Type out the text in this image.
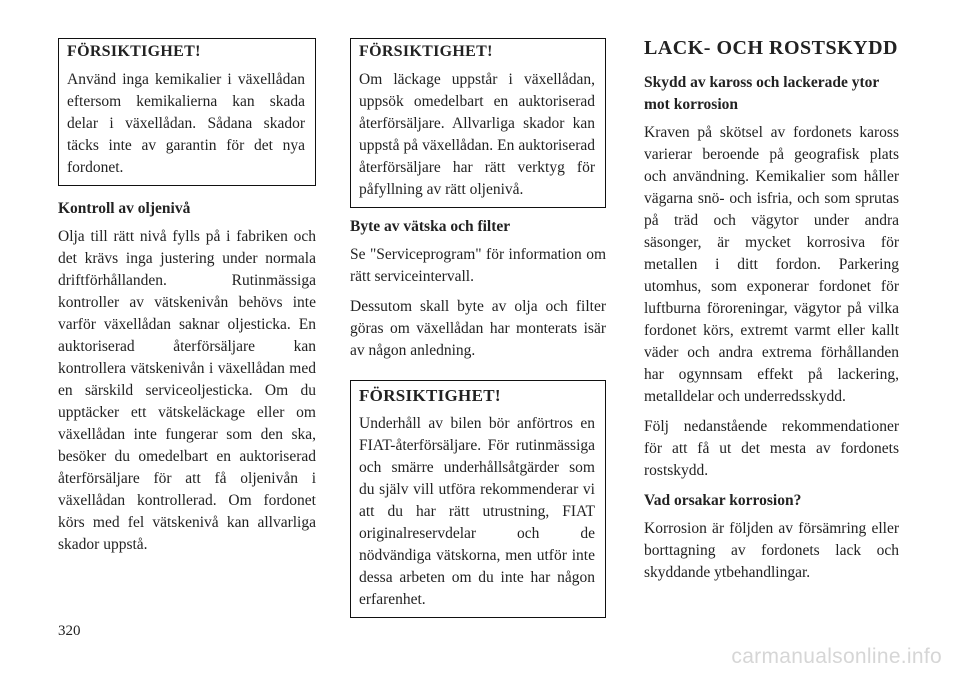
FÖRSIKTIGHET!

Använd inga kemikalier i växellådan eftersom kemikalierna kan skada delar i växellådan. Sådana skador täcks inte av garantin för det nya fordonet.

Kontroll av oljenivå

Olja till rätt nivå fylls på i fabriken och det krävs inga justering under normala driftförhållanden. Rutinmässiga kontroller av vätskenivån behövs inte varför växellådan saknar oljesticka. En auktoriserad återförsäljare kan kontrollera vätskenivån i växellådan med en särskild serviceoljesticka. Om du upptäcker ett vätskeläckage eller om växellådan inte fungerar som den ska, besöker du omedelbart en auktoriserad återförsäljare för att få oljenivån i växellådan kontrollerad. Om fordonet körs med fel vätskenivå kan allvarliga skador uppstå.

FÖRSIKTIGHET!

Om läckage uppstår i växellådan, uppsök omedelbart en auktoriserad återförsäljare. Allvarliga skador kan uppstå på växellådan. En auktoriserad återförsäljare har rätt verktyg för påfyllning av rätt oljenivå.

Byte av vätska och filter

Se "Serviceprogram" för information om rätt serviceintervall.

Dessutom skall byte av olja och filter göras om växellådan har monterats isär av någon anledning.

FÖRSIKTIGHET!

Underhåll av bilen bör anförtros en FIAT-återförsäljare. För rutinmässiga och smärre underhållsåtgärder som du själv vill utföra rekommenderar vi att du har rätt utrustning, FIAT originalreservdelar och de nödvändiga vätskorna, men utför inte dessa arbeten om du inte har någon erfarenhet.

LACK- OCH ROSTSKYDD
Skydd av kaross och lackerade ytor mot korrosion

Kraven på skötsel av fordonets kaross varierar beroende på geografisk plats och användning. Kemikalier som håller vägarna snö- och isfria, och som sprutas på träd och vägytor under andra säsonger, är mycket korrosiva för metallen i ditt fordon. Parkering utomhus, som exponerar fordonet för luftburna föroreningar, vägytor på vilka fordonet körs, extremt varmt eller kallt väder och andra extrema förhållanden har ogynnsam effekt på lackering, metalldelar och underredsskydd.

Följ nedanstående rekommendationer för att få ut det mesta av fordonets rostskydd.

Vad orsakar korrosion?

Korrosion är följden av försämring eller borttagning av fordonets lack och skyddande ytbehandlingar.

320
carmanualsonline.info
